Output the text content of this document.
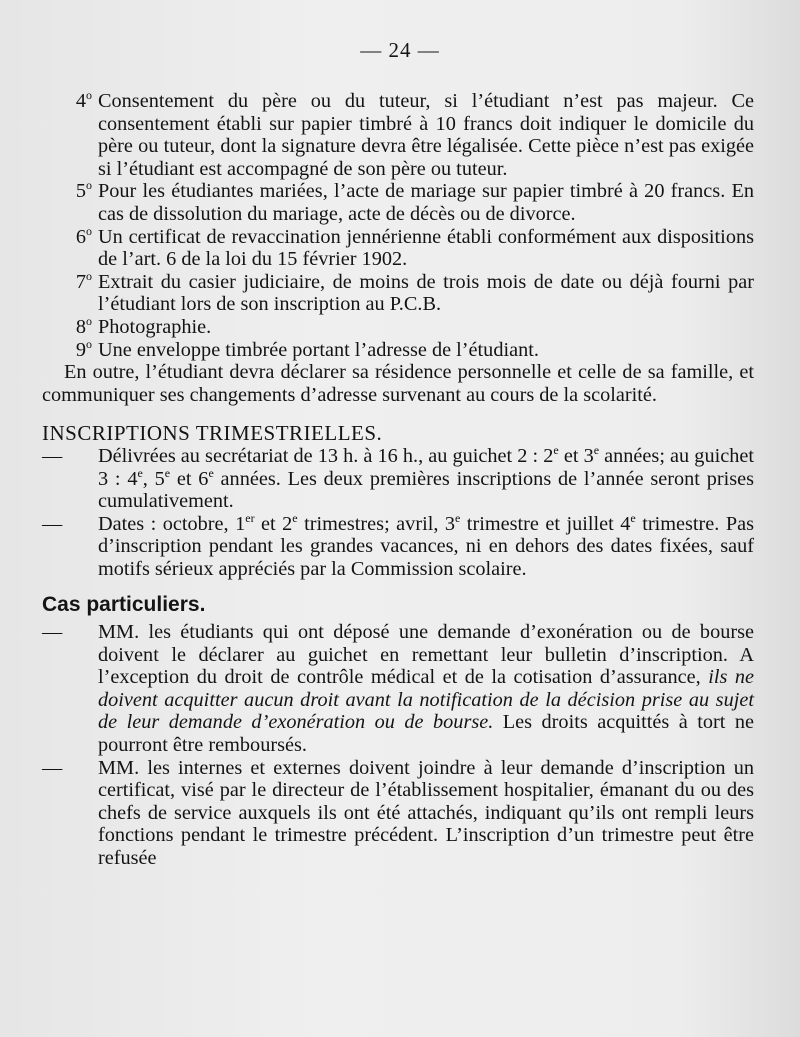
— 24 —
4$^o$ Consentement du père ou du tuteur, si l’étudiant n’est pas majeur. Ce consentement établi sur papier timbré à 10 francs doit indiquer le domicile du père ou tuteur, dont la signature devra être légalisée. Cette pièce n’est pas exigée si l’étudiant est accompagné de son père ou tuteur.
5$^o$ Pour les étudiantes mariées, l’acte de mariage sur papier timbré à 20 francs. En cas de dissolution du mariage, acte de décès ou de divorce.
6$^o$ Un certificat de revaccination jennérienne établi conformément aux dispositions de l’art. 6 de la loi du 15 février 1902.
7$^o$ Extrait du casier judiciaire, de moins de trois mois de date ou déjà fourni par l’étudiant lors de son inscription au P.C.B.
8$^o$ Photographie.
9$^o$ Une enveloppe timbrée portant l’adresse de l’étudiant.
En outre, l’étudiant devra déclarer sa résidence personnelle et celle de sa famille, et communiquer ses changements d’adresse survenant au cours de la scolarité.
INSCRIPTIONS TRIMESTRIELLES.
— Délivrées au secrétariat de 13 h. à 16 h., au guichet 2 : 2e et 3e années; au guichet 3 : 4e, 5e et 6e années. Les deux premières inscriptions de l’année seront prises cumulativement.
— Dates : octobre, 1er et 2e trimestres; avril, 3e trimestre et juillet 4e trimestre. Pas d’inscription pendant les grandes vacances, ni en dehors des dates fixées, sauf motifs sérieux appréciés par la Commission scolaire.
Cas particuliers.
— MM. les étudiants qui ont déposé une demande d’exonération ou de bourse doivent le déclarer au guichet en remettant leur bulletin d’inscription. A l’exception du droit de contrôle médical et de la cotisation d’assurance, ils ne doivent acquitter aucun droit avant la notification de la décision prise au sujet de leur demande d’exonération ou de bourse. Les droits acquittés à tort ne pourront être remboursés.
— MM. les internes et externes doivent joindre à leur demande d’inscription un certificat, visé par le directeur de l’établissement hospitalier, émanant du ou des chefs de service auxquels ils ont été attachés, indiquant qu’ils ont rempli leurs fonctions pendant le trimestre précédent. L’inscription d’un trimestre peut être refusée
